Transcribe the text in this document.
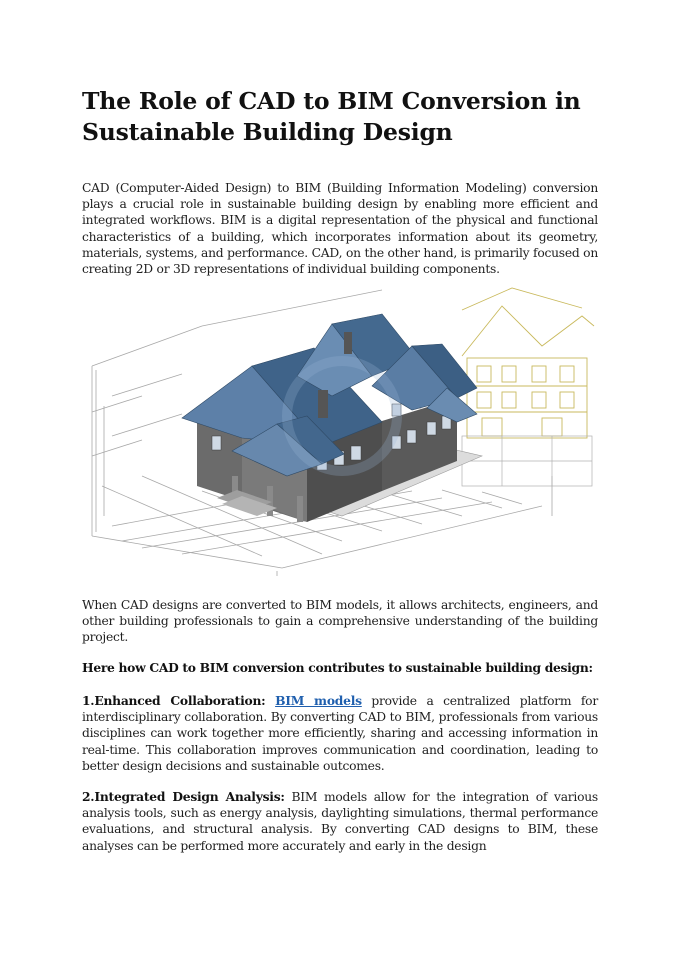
The Role of CAD to BIM Conversion in Sustainable Building Design

CAD (Computer-Aided Design) to BIM (Building Information Modeling) conversion plays a crucial role in sustainable building design by enabling more efficient and integrated workflows. BIM is a digital representation of the physical and functional characteristics of a building, which incorporates information about its geometry, materials, systems, and performance. CAD, on the other hand, is primarily focused on creating 2D or 3D representations of individual building components.

When CAD designs are converted to BIM models, it allows architects, engineers, and other building professionals to gain a comprehensive understanding of the building project.

Here how CAD to BIM conversion contributes to sustainable building design:

1.Enhanced Collaboration: BIM models provide a centralized platform for interdisciplinary collaboration. By converting CAD to BIM, professionals from various disciplines can work together more efficiently, sharing and accessing information in real-time. This collaboration improves communication and coordination, leading to better design decisions and sustainable outcomes.

2.Integrated Design Analysis: BIM models allow for the integration of various analysis tools, such as energy analysis, daylighting simulations, thermal performance evaluations, and structural analysis. By converting CAD designs to BIM, these analyses can be performed more accurately and early in the design
